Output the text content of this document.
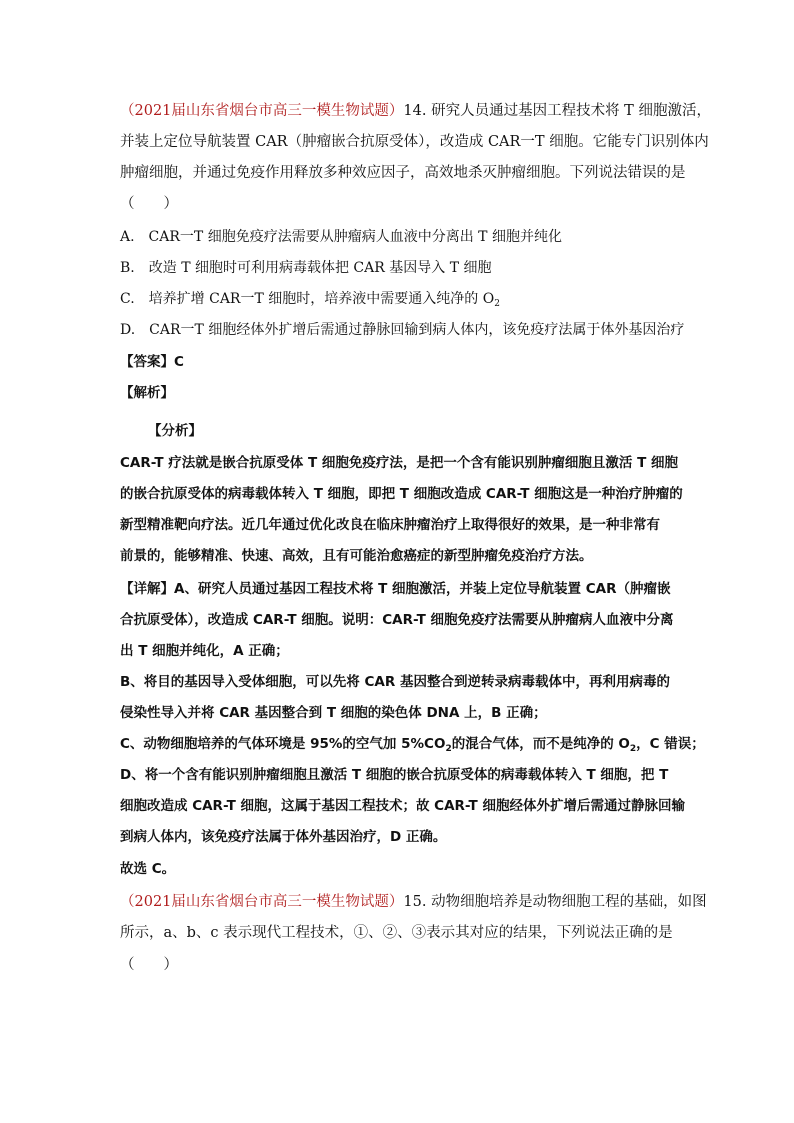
（2021届山东省烟台市高三一模生物试题）14. 研究人员通过基因工程技术将 T 细胞激活，
并装上定位导航装置 CAR（肿瘤嵌合抗原受体），改造成 CAR一T 细胞。它能专门识别体内
肿瘤细胞，并通过免疫作用释放多种效应因子，高效地杀灭肿瘤细胞。下列说法错误的是
（　　）
A.　CAR一T 细胞免疫疗法需要从肿瘤病人血液中分离出 T 细胞并纯化
B.　改造 T 细胞时可利用病毒载体把 CAR 基因导入 T 细胞
C.　培养扩增 CAR一T 细胞时，培养液中需要通入纯净的 $O_2$
D.　CAR一T 细胞经体外扩增后需通过静脉回输到病人体内，该免疫疗法属于体外基因治疗
【答案】C
【解析】
【分析】
CAR-T 疗法就是嵌合抗原受体 T 细胞免疫疗法，是把一个含有能识别肿瘤细胞且激活 T 细胞
的嵌合抗原受体的病毒载体转入 T 细胞，即把 T 细胞改造成 CAR-T 细胞这是一种治疗肿瘤的
新型精准靶向疗法。近几年通过优化改良在临床肿瘤治疗上取得很好的效果，是一种非常有
前景的，能够精准、快速、高效，且有可能治愈癌症的新型肿瘤免疫治疗方法。
【详解】A、研究人员通过基因工程技术将 T 细胞激活，并装上定位导航装置 CAR（肿瘤嵌
合抗原受体），改造成 CAR-T 细胞。说明：CAR-T 细胞免疫疗法需要从肿瘤病人血液中分离
出 T 细胞并纯化，A 正确；
B、将目的基因导入受体细胞，可以先将 CAR 基因整合到逆转录病毒载体中，再利用病毒的
侵染性导入并将 CAR 基因整合到 T 细胞的染色体 DNA 上，B 正确；
C、动物细胞培养的气体环境是 95%的空气加 $5\%CO_2$的混合气体，而不是纯净的 $O_2$，C 错误；
D、将一个含有能识别肿瘤细胞且激活 T 细胞的嵌合抗原受体的病毒载体转入 T 细胞，把 T
细胞改造成 CAR-T 细胞，这属于基因工程技术；故 CAR-T 细胞经体外扩增后需通过静脉回输
到病人体内，该免疫疗法属于体外基因治疗，D 正确。
故选 C。
（2021届山东省烟台市高三一模生物试题）15. 动物细胞培养是动物细胞工程的基础，如图
所示，a、b、c 表示现代工程技术，①、②、③表示其对应的结果，下列说法正确的是
（　　）
